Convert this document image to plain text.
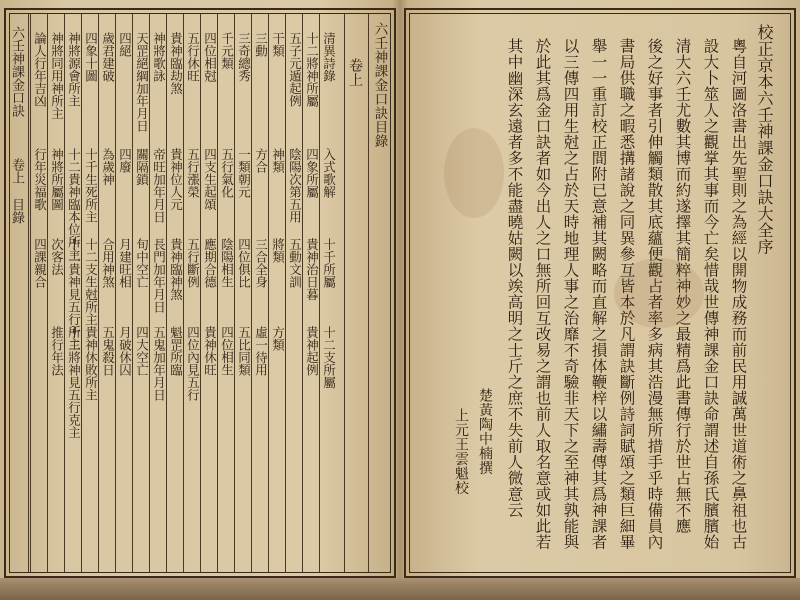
六壬神課金口訣
卷上
目錄
六壬神課金口訣目錄
卷上
清異詩錄
入式歌解
十千所屬
十二支所屬
十二將神所屬
四象所屬
貴神治日暮
貴神起例
五子元遁起例
陰陽次第五用
五動文訓
干類
神類
將類
方類
三動
方合
三合全身
虛一待用
三奇總秀
一類朝元
四位俱比
五比同類
千元類
五行氣化
陰陽相生
四位相生
四位相尅
四支生起頌
應期合德
貴神休旺
五行休旺
五行漲榮
五行斷例
四位內見五行
貴神臨劫煞
貴神位人元
貴神臨神煞
魁罡所臨
神將歌詠
帝旺加年月日
長門加年月日
五鬼加年月日
天罡絕綱加年月日
關隔鎖
旬中空亡
四大空亡
四絕
四廢
月建旺相
月破休囚
歲君建破
為歲神
合用神煞
五鬼殺日
四象十圖
十千生死所主
十二支生尅所主
貴神休敗所主
神將源會所主
十二貴神臨本位所主
十二貴神見五行所主
十二將神見五行克主
神將同用神所主
神將所屬圖
次客法
推行年法
論人行年吉凶
行年災福歌
四課親合
校正京本六壬神課金口訣大全序
粵自河圖洛書出先聖則之為經以開物成務而前民用誠萬世道術之鼻祖也古
設大卜筮人之觀掌其事而今亡矣惜哉世傳神課金口訣命謂述自孫氏臏臏始
清大六壬尤數其博而約遂擇其簡粹神妙之最精爲此書傳行於世占無不應
後之好事者引伸觸類散其底蘊便觀占者率多病其浩漫無所措手乎時備員內
書局供職之暇悉搆諸說之同異參互皆本於凡謂訣斷例詩詞賦頌之類巨細畢
舉一一重訂校正間附已意補其闕略而直解之損体鞭梓以繡壽傳其爲神課者
以三傳四用生尅之占於天時地理人事之治靡不奇驗非天下之至神其孰能與
於此其爲金口訣者如今出人之口無所回互改易之謂也前人取名意或如此若
其中幽深玄遠者多不能盡曉姑闕以竢高明之士斤之庶不失前人微意云
楚黃陶中楠撰
上元王雲魁校
